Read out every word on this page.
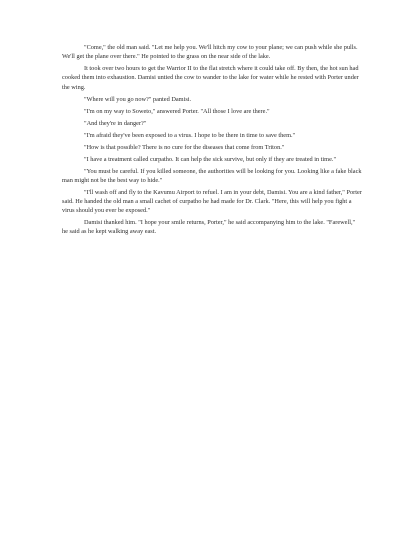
"Come," the old man said. "Let me help you. We'll hitch my cow to your plane; we can push while she pulls. We'll get the plane over there." He pointed to the grass on the near side of the lake.

It took over two hours to get the Warrior II to the flat stretch where it could take off. By then, the hot sun had cooked them into exhaustion. Damisi untied the cow to wander to the lake for water while he rested with Porter under the wing.

"Where will you go now?" panted Damisi.

"I'm on my way to Soweto," answered Porter. "All those I love are there."

"And they're in danger?"

"I'm afraid they've been exposed to a virus. I hope to be there in time to save them."

"How is that possible? There is no cure for the diseases that come from Triton."

"I have a treatment called curpatho. It can help the sick survive, but only if they are treated in time."

"You must be careful. If you killed someone, the authorities will be looking for you. Looking like a fake black man might not be the best way to hide."

"I'll wash off and fly to the Kavumu Airport to refuel. I am in your debt, Damisi. You are a kind father," Porter said. He handed the old man a small cachet of curpatho he had made for Dr. Clark. "Here, this will help you fight a virus should you ever be exposed."

Damisi thanked him. "I hope your smile returns, Porter," he said accompanying him to the lake. "Farewell," he said as he kept walking away east.
